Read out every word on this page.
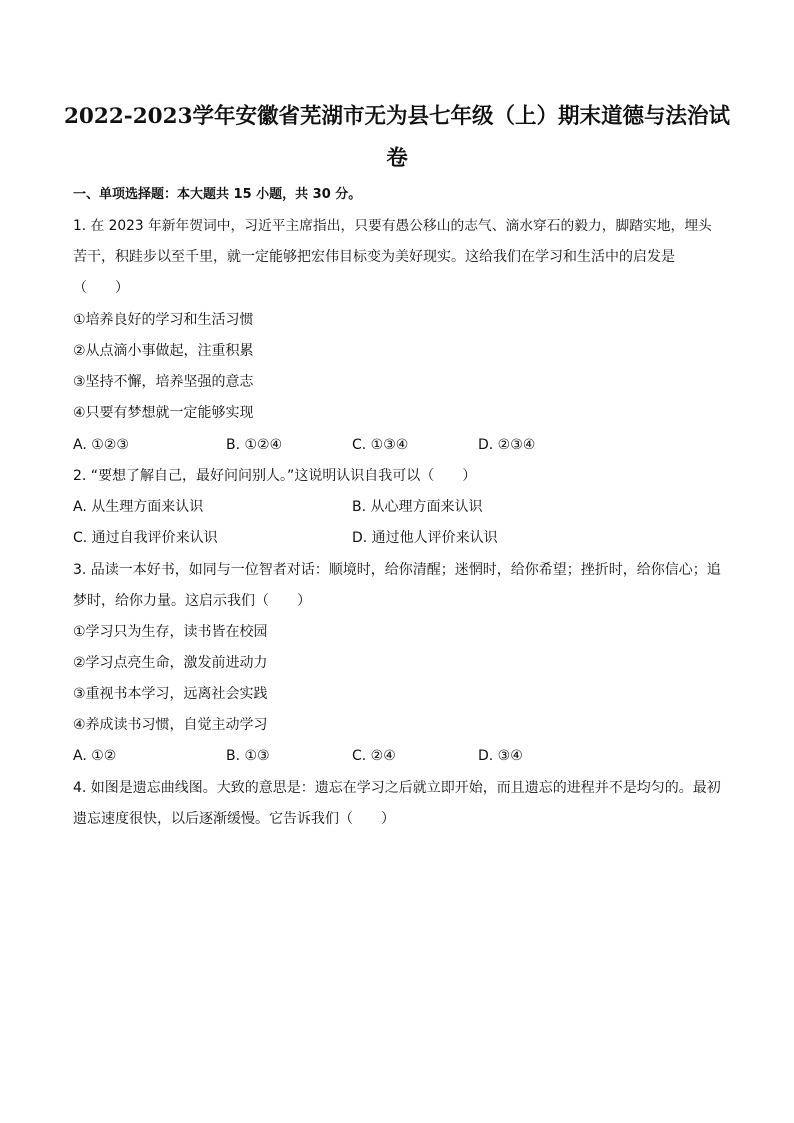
2022-2023学年安徽省芜湖市无为县七年级（上）期末道德与法治试
卷
一、单项选择题：本大题共 15 小题，共 30 分。
1. 在 2023 年新年贺词中，习近平主席指出，只要有愚公移山的志气、滴水穿石的毅力，脚踏实地，埋头
苦干，积跬步以至千里，就一定能够把宏伟目标变为美好现实。这给我们在学习和生活中的启发是
（　　）
①培养良好的学习和生活习惯
②从点滴小事做起，注重积累
③坚持不懈，培养坚强的意志
④只要有梦想就一定能够实现
A. ①②③	B. ①②④	C. ①③④	D. ②③④
2. “要想了解自己，最好问问别人。”这说明认识自我可以（　　）
A. 从生理方面来认识	B. 从心理方面来认识
C. 通过自我评价来认识	D. 通过他人评价来认识
3. 品读一本好书，如同与一位智者对话：顺境时，给你清醒；迷惘时，给你希望；挫折时，给你信心；追
梦时，给你力量。这启示我们（　　）
①学习只为生存，读书皆在校园
②学习点亮生命，激发前进动力
③重视书本学习，远离社会实践
④养成读书习惯，自觉主动学习
A. ①②	B. ①③	C. ②④	D. ③④
4. 如图是遗忘曲线图。大致的意思是：遗忘在学习之后就立即开始，而且遗忘的进程并不是均匀的。最初
遗忘速度很快，以后逐渐缓慢。它告诉我们（　　）
